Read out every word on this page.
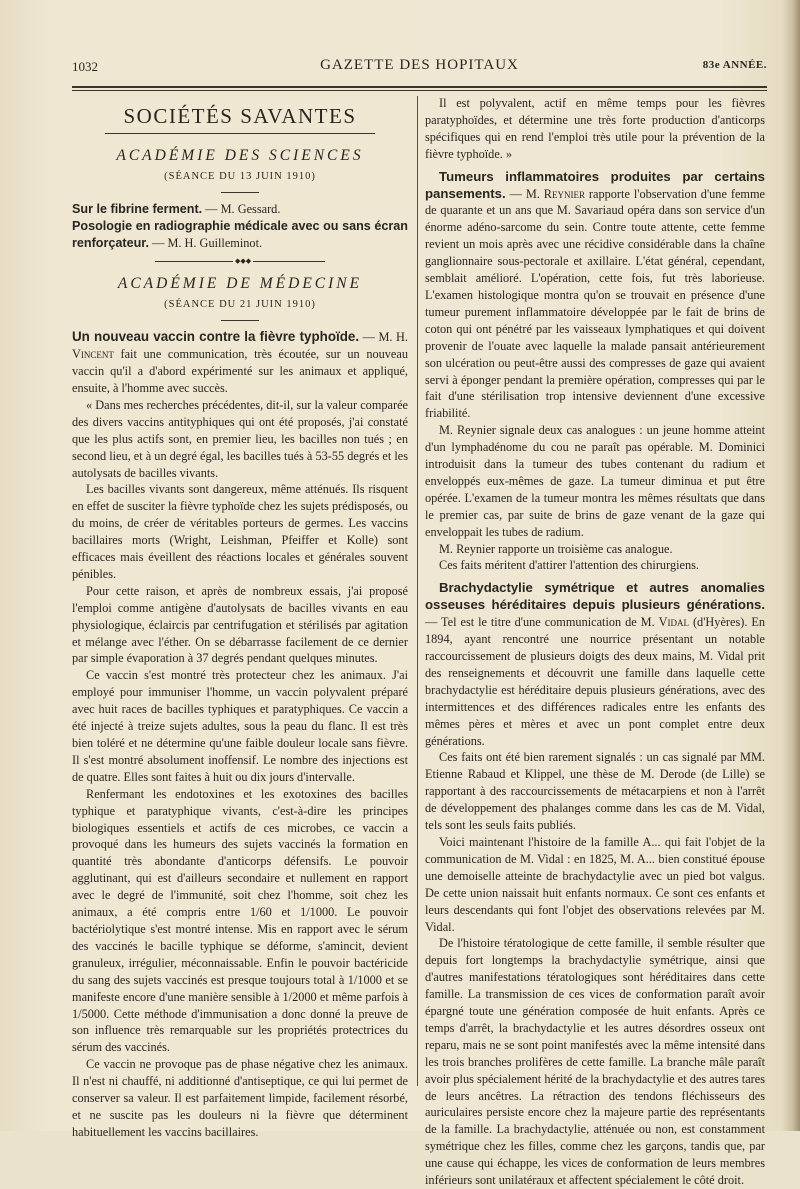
1032	GAZETTE DES HOPITAUX	83e ANNÉE.
SOCIÉTÉS SAVANTES
ACADÉMIE DES SCIENCES
(SÉANCE DU 13 JUIN 1910)

Sur le fibrine ferment. — M. Gessard.

Posologie en radiographie médicale avec ou sans écran renforçateur. — M. H. Guilleminot.

◆◆◆
ACADÉMIE DE MÉDECINE
(SÉANCE DU 21 JUIN 1910)

Un nouveau vaccin contre la fièvre typhoïde. — M. H. Vincent fait une communication, très écoutée, sur un nouveau vaccin qu'il a d'abord expérimenté sur les animaux et appliqué, ensuite, à l'homme avec succès.

« Dans mes recherches précédentes, dit-il, sur la valeur comparée des divers vaccins antityphiques qui ont été proposés, j'ai constaté que les plus actifs sont, en premier lieu, les bacilles non tués ; en second lieu, et à un degré égal, les bacilles tués à 53-55 degrés et les autolysats de bacilles vivants.

Les bacilles vivants sont dangereux, même atténués. Ils risquent en effet de susciter la fièvre typhoïde chez les sujets prédisposés, ou du moins, de créer de véritables porteurs de germes. Les vaccins bacillaires morts (Wright, Leishman, Pfeiffer et Kolle) sont efficaces mais éveillent des réactions locales et générales souvent pénibles.

Pour cette raison, et après de nombreux essais, j'ai proposé l'emploi comme antigène d'autolysats de bacilles vivants en eau physiologique, éclaircis par centrifugation et stérilisés par agitation et mélange avec l'éther. On se débarrasse facilement de ce dernier par simple évaporation à 37 degrés pendant quelques minutes.

Ce vaccin s'est montré très protecteur chez les animaux. J'ai employé pour immuniser l'homme, un vaccin polyvalent préparé avec huit races de bacilles typhiques et paratyphiques. Ce vaccin a été injecté à treize sujets adultes, sous la peau du flanc. Il est très bien toléré et ne détermine qu'une faible douleur locale sans fièvre. Il s'est montré absolument inoffensif. Le nombre des injections est de quatre. Elles sont faites à huit ou dix jours d'intervalle.

Renfermant les endotoxines et les exotoxines des bacilles typhique et paratyphique vivants, c'est-à-dire les principes biologiques essentiels et actifs de ces microbes, ce vaccin a provoqué dans les humeurs des sujets vaccinés la formation en quantité très abondante d'anticorps défensifs. Le pouvoir agglutinant, qui est d'ailleurs secondaire et nullement en rapport avec le degré de l'immunité, soit chez l'homme, soit chez les animaux, a été compris entre 1/60 et 1/1000. Le pouvoir bactériolytique s'est montré intense. Mis en rapport avec le sérum des vaccinés le bacille typhique se déforme, s'amincit, devient granuleux, irrégulier, méconnaissable. Enfin le pouvoir bactéricide du sang des sujets vaccinés est presque toujours total à 1/1000 et se manifeste encore d'une manière sensible à 1/2000 et même parfois à 1/5000. Cette méthode d'immunisation a donc donné la preuve de son influence très remarquable sur les propriétés protectrices du sérum des vaccinés.

Ce vaccin ne provoque pas de phase négative chez les animaux. Il n'est ni chauffé, ni additionné d'antiseptique, ce qui lui permet de conserver sa valeur. Il est parfaitement limpide, facilement résorbé, et ne suscite pas les douleurs ni la fièvre que déterminent habituellement les vaccins bacillaires.

Il est polyvalent, actif en même temps pour les fièvres paratyphoïdes, et détermine une très forte production d'anticorps spécifiques qui en rend l'emploi très utile pour la prévention de la fièvre typhoïde. »

Tumeurs inflammatoires produites par certains pansements. — M. Reynier rapporte l'observation d'une femme de quarante et un ans que M. Savariaud opéra dans son service d'un énorme adéno-sarcome du sein. Contre toute attente, cette femme revient un mois après avec une récidive considérable dans la chaîne ganglionnaire sous-pectorale et axillaire. L'état général, cependant, semblait amélioré. L'opération, cette fois, fut très laborieuse. L'examen histologique montra qu'on se trouvait en présence d'une tumeur purement inflammatoire développée par le fait de brins de coton qui ont pénétré par les vaisseaux lymphatiques et qui doivent provenir de l'ouate avec laquelle la malade pansait antérieurement son ulcération ou peut-être aussi des compresses de gaze qui avaient servi à éponger pendant la première opération, compresses qui par le fait d'une stérilisation trop intensive deviennent d'une excessive friabilité.

M. Reynier signale deux cas analogues : un jeune homme atteint d'un lymphadénome du cou ne paraît pas opérable. M. Dominici introduisit dans la tumeur des tubes contenant du radium et enveloppés eux-mêmes de gaze. La tumeur diminua et put être opérée. L'examen de la tumeur montra les mêmes résultats que dans le premier cas, par suite de brins de gaze venant de la gaze qui enveloppait les tubes de radium.

M. Reynier rapporte un troisième cas analogue.

Ces faits méritent d'attirer l'attention des chirurgiens.

Brachydactylie symétrique et autres anomalies osseuses héréditaires depuis plusieurs générations. — Tel est le titre d'une communication de M. Vidal (d'Hyères). En 1894, ayant rencontré une nourrice présentant un notable raccourcissement de plusieurs doigts des deux mains, M. Vidal prit des renseignements et découvrit une famille dans laquelle cette brachydactylie est héréditaire depuis plusieurs générations, avec des intermittences et des différences radicales entre les enfants des mêmes pères et mères et avec un pont complet entre deux générations.

Ces faits ont été bien rarement signalés : un cas signalé par MM. Etienne Rabaud et Klippel, une thèse de M. Derode (de Lille) se rapportant à des raccourcissements de métacarpiens et non à l'arrêt de développement des phalanges comme dans les cas de M. Vidal, tels sont les seuls faits publiés.

Voici maintenant l'histoire de la famille A... qui fait l'objet de la communication de M. Vidal : en 1825, M. A... bien constitué épouse une demoiselle atteinte de brachydactylie avec un pied bot valgus. De cette union naissait huit enfants normaux. Ce sont ces enfants et leurs descendants qui font l'objet des observations relevées par M. Vidal.

De l'histoire tératologique de cette famille, il semble résulter que depuis fort longtemps la brachydactylie symétrique, ainsi que d'autres manifestations tératologiques sont héréditaires dans cette famille. La transmission de ces vices de conformation paraît avoir épargné toute une génération composée de huit enfants. Après ce temps d'arrêt, la brachydactylie et les autres désordres osseux ont reparu, mais ne se sont point manifestés avec la même intensité dans les trois branches prolifères de cette famille. La branche mâle paraît avoir plus spécialement hérité de la brachydactylie et des autres tares de leurs ancêtres. La rétraction des tendons fléchisseurs des auriculaires persiste encore chez la majeure partie des représentants de la famille. La brachydactylie, atténuée ou non, est constamment symétrique chez les filles, comme chez les garçons, tandis que, par une cause qui échappe, les vices de conformation de leurs membres inférieurs sont unilatéraux et affectent spécialement le côté droit.
